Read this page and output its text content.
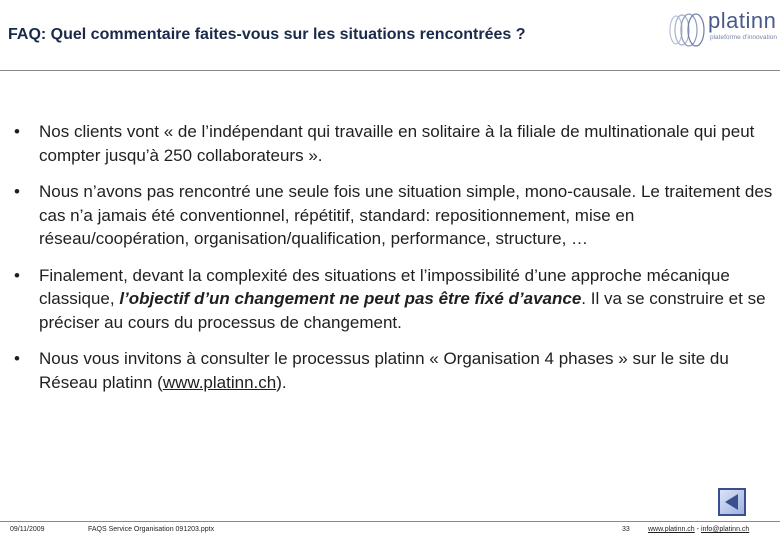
FAQ: Quel commentaire faites-vous sur les situations rencontrées ?
platinn
plateforme d'innovation
• Nos clients vont « de l’indépendant qui travaille en solitaire à la filiale de multinationale qui peut compter jusqu’à 250 collaborateurs ».
• Nous n’avons pas rencontré une seule fois une situation simple, mono-causale. Le traitement des cas n’a jamais été conventionnel, répétitif, standard: repositionnement, mise en réseau/coopération, organisation/qualification, performance, structure, …
• Finalement, devant la complexité des situations et l’impossibilité d’une approche mécanique classique, l’objectif d’un changement ne peut pas être fixé d’avance. Il va se construire et se préciser au cours du processus de changement.
• Nous vous invitons à consulter le processus platinn « Organisation 4 phases » sur le site du Réseau platinn (www.platinn.ch).
09/11/2009	FAQS Service Organisation 091203.pptx	33	www.platinn.ch - info@platinn.ch
